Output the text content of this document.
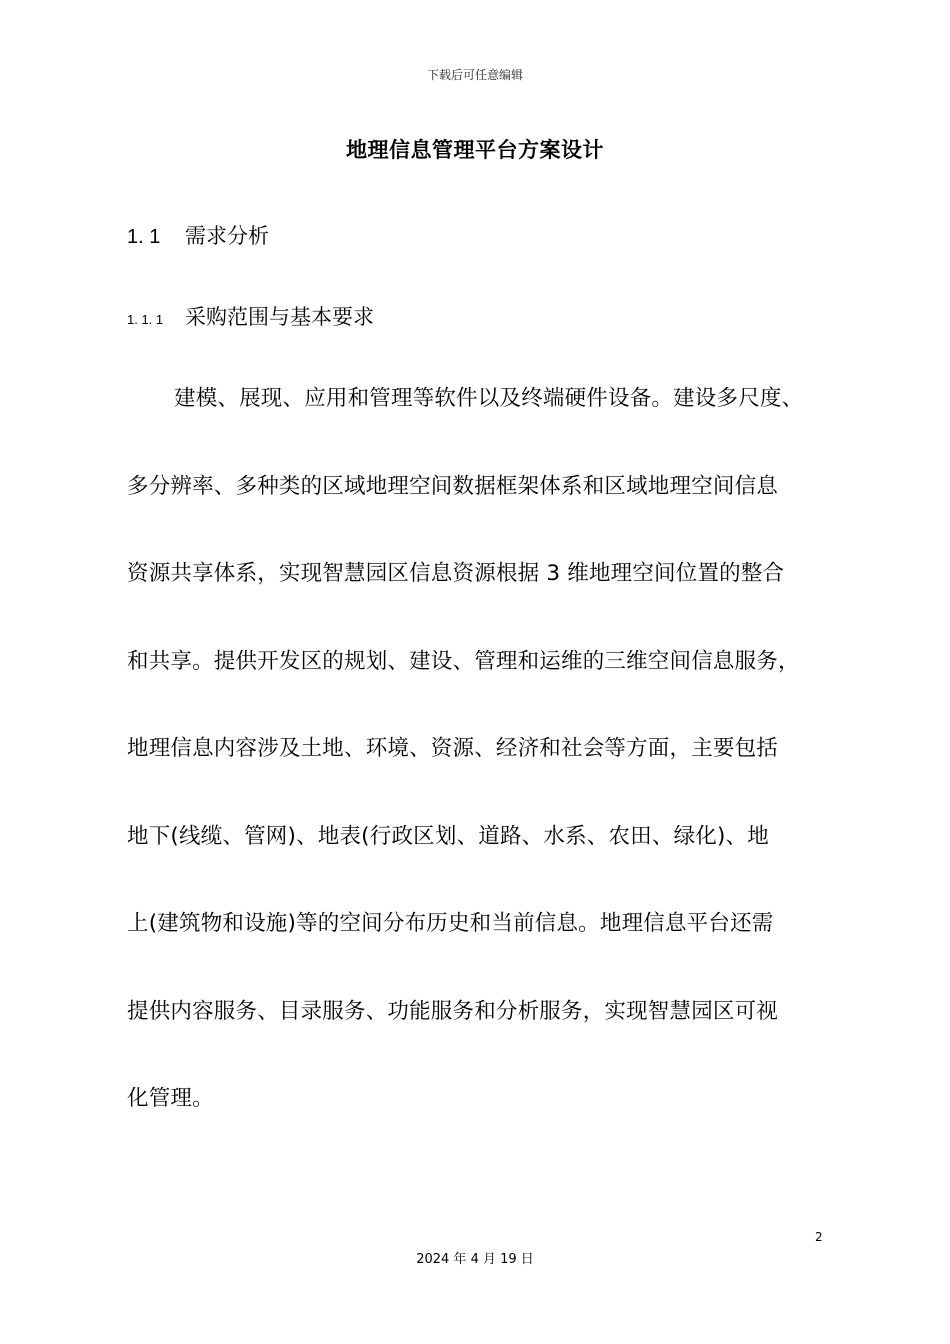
下载后可任意编辑
地理信息管理平台方案设计
1. 1	需求分析
1. 1. 1	采购范围与基本要求
建模、展现、应用和管理等软件以及终端硬件设备。建设多尺度、
多分辨率、多种类的区域地理空间数据框架体系和区域地理空间信息
资源共享体系，实现智慧园区信息资源根据 3 维地理空间位置的整合
和共享。提供开发区的规划、建设、管理和运维的三维空间信息服务，
地理信息内容涉及土地、环境、资源、经济和社会等方面，主要包括
地下(线缆、管网)、地表(行政区划、道路、水系、农田、绿化)、地
上(建筑物和设施)等的空间分布历史和当前信息。地理信息平台还需
提供内容服务、目录服务、功能服务和分析服务，实现智慧园区可视
化管理。
2
2024 年 4 月 19 日
